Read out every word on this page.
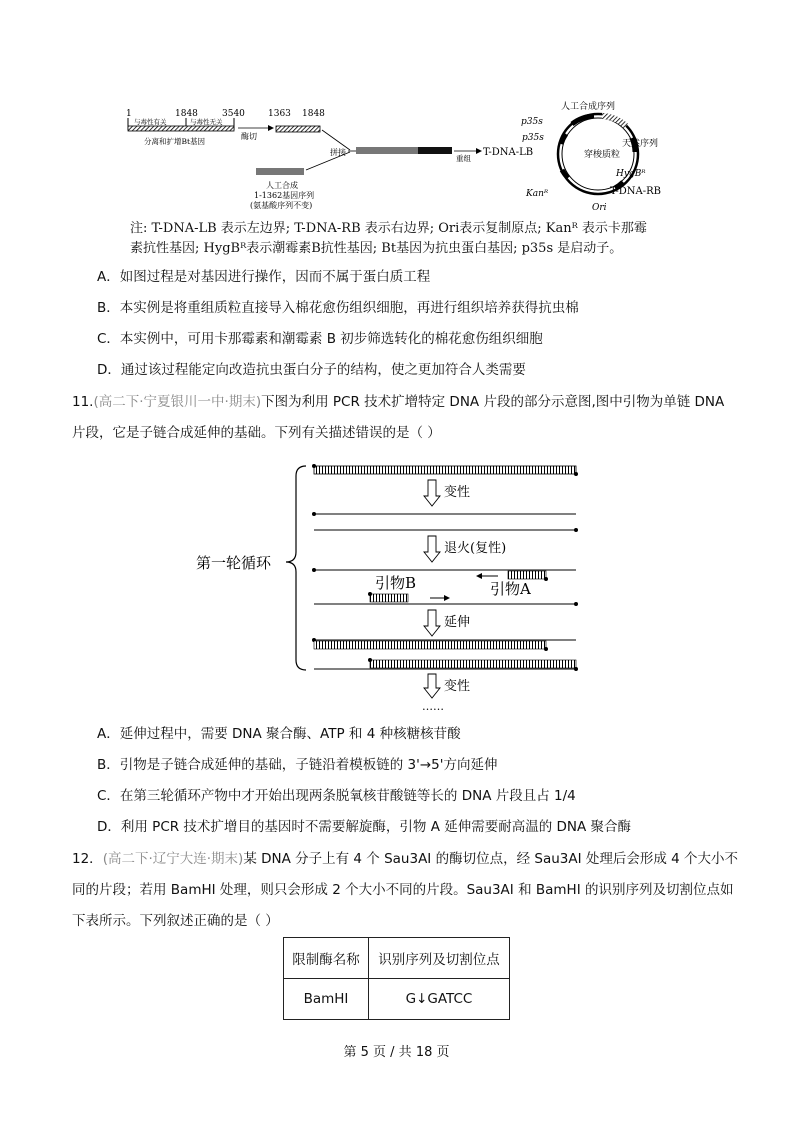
1	1848	3540	1363 1848
与毒性有关	与毒性无关
分离和扩增Bt基因
酶切
人工合成
1-1362基因序列
(氨基酸序列不变)
拼接
重组	穿梭质粒
人工合成序列
天然序列
p35s
p35s
T-DNA-LB
HygBᴿ
T-DNA-RB
Kanᴿ
Ori
注: T-DNA-LB 表示左边界; T-DNA-RB 表示右边界; Ori表示复制原点; Kanᴿ 表示卡那霉
素抗性基因; HygBᴿ表示潮霉素B抗性基因; Bt基因为抗虫蛋白基因; p35s 是启动子。
A．如图过程是对基因进行操作，因而不属于蛋白质工程
B．本实例是将重组质粒直接导入棉花愈伤组织细胞，再进行组织培养获得抗虫棉
C．本实例中，可用卡那霉素和潮霉素 B 初步筛选转化的棉花愈伤组织细胞
D．通过该过程能定向改造抗虫蛋白分子的结构，使之更加符合人类需要
11.(高二下·宁夏银川一中·期末)下图为利用 PCR 技术扩增特定 DNA 片段的部分示意图,图中引物为单链 DNA
片段，它是子链合成延伸的基础。下列有关描述错误的是（ ）
第一轮循环
变性
退火(复性)
引物B	引物A
延伸
变性
……
A．延伸过程中，需要 DNA 聚合酶、ATP 和 4 种核糖核苷酸
B．引物是子链合成延伸的基础，子链沿着模板链的 3'→5'方向延伸
C．在第三轮循环产物中才开始出现两条脱氧核苷酸链等长的 DNA 片段且占 1/4
D．利用 PCR 技术扩增目的基因时不需要解旋酶，引物 A 延伸需要耐高温的 DNA 聚合酶
12．(高二下·辽宁大连·期末)某 DNA 分子上有 4 个 Sau3AI 的酶切位点，经 Sau3AI 处理后会形成 4 个大小不
同的片段；若用 BamHI 处理，则只会形成 2 个大小不同的片段。Sau3AI 和 BamHI 的识别序列及切割位点如
下表所示。下列叙述正确的是（ ）
限制酶名称	识别序列及切割位点
BamHI	G↓GATCC
第 5 页 / 共 18 页
